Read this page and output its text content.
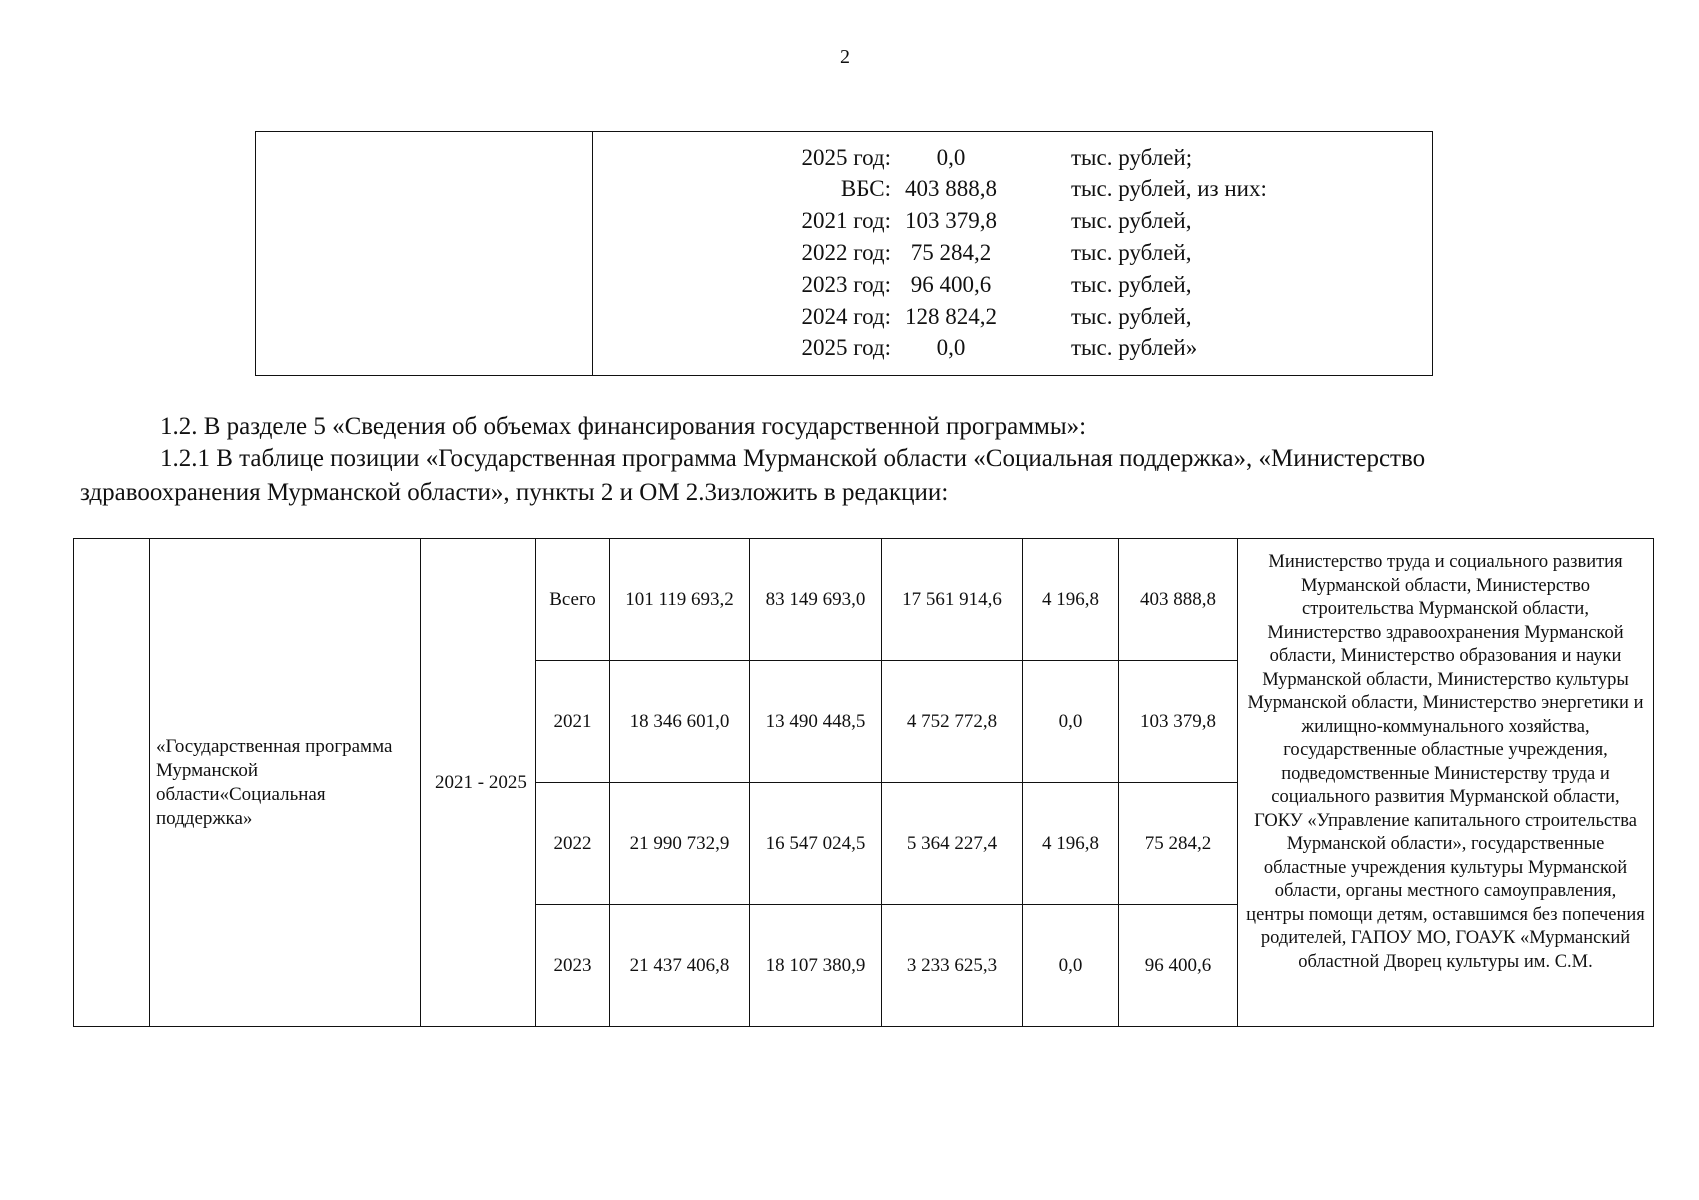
2
2025 год:	0,0	тыс. рублей;
ВБС: 403 888,8	тыс. рублей, из них:
2021 год: 103 379,8	тыс. рублей,
2022 год: 75 284,2	тыс. рублей,
2023 год: 96 400,6	тыс. рублей,
2024 год: 128 824,2	тыс. рублей,
2025 год:	0,0	тыс. рублей»
1.2. В разделе 5 «Сведения об объемах финансирования государственной программы»:
1.2.1 В таблице позиции «Государственная программа Мурманской области «Социальная поддержка», «Министерство
здравоохранения Мурманской области», пункты 2 и ОМ 2.3изложить в редакции:
	«Государственная программа Мурманской области«Социальная поддержка»	2021 - 2025	Всего	101 119 693,2	83 149 693,0	17 561 914,6	4 196,8	403 888,8	Министерство труда и социального развития Мурманской области, Министерство строительства Мурманской области, Министерство здравоохранения Мурманской области, Министерство образования и науки Мурманской области, Министерство культуры Мурманской области, Министерство энергетики и жилищно-коммунального хозяйства, государственные областные учреждения, подведомственные Министерству труда и социального развития Мурманской области, ГОКУ «Управление капитального строительства Мурманской области», государственные областные учреждения культуры Мурманской области, органы местного самоуправления, центры помощи детям, оставшимся без попечения родителей, ГАПОУ МО, ГОАУК «Мурманский областной Дворец культуры им. С.М.
			2021	18 346 601,0	13 490 448,5	4 752 772,8	0,0	103 379,8	
			2022	21 990 732,9	16 547 024,5	5 364 227,4	4 196,8	75 284,2	
			2023	21 437 406,8	18 107 380,9	3 233 625,3	0,0	96 400,6	
